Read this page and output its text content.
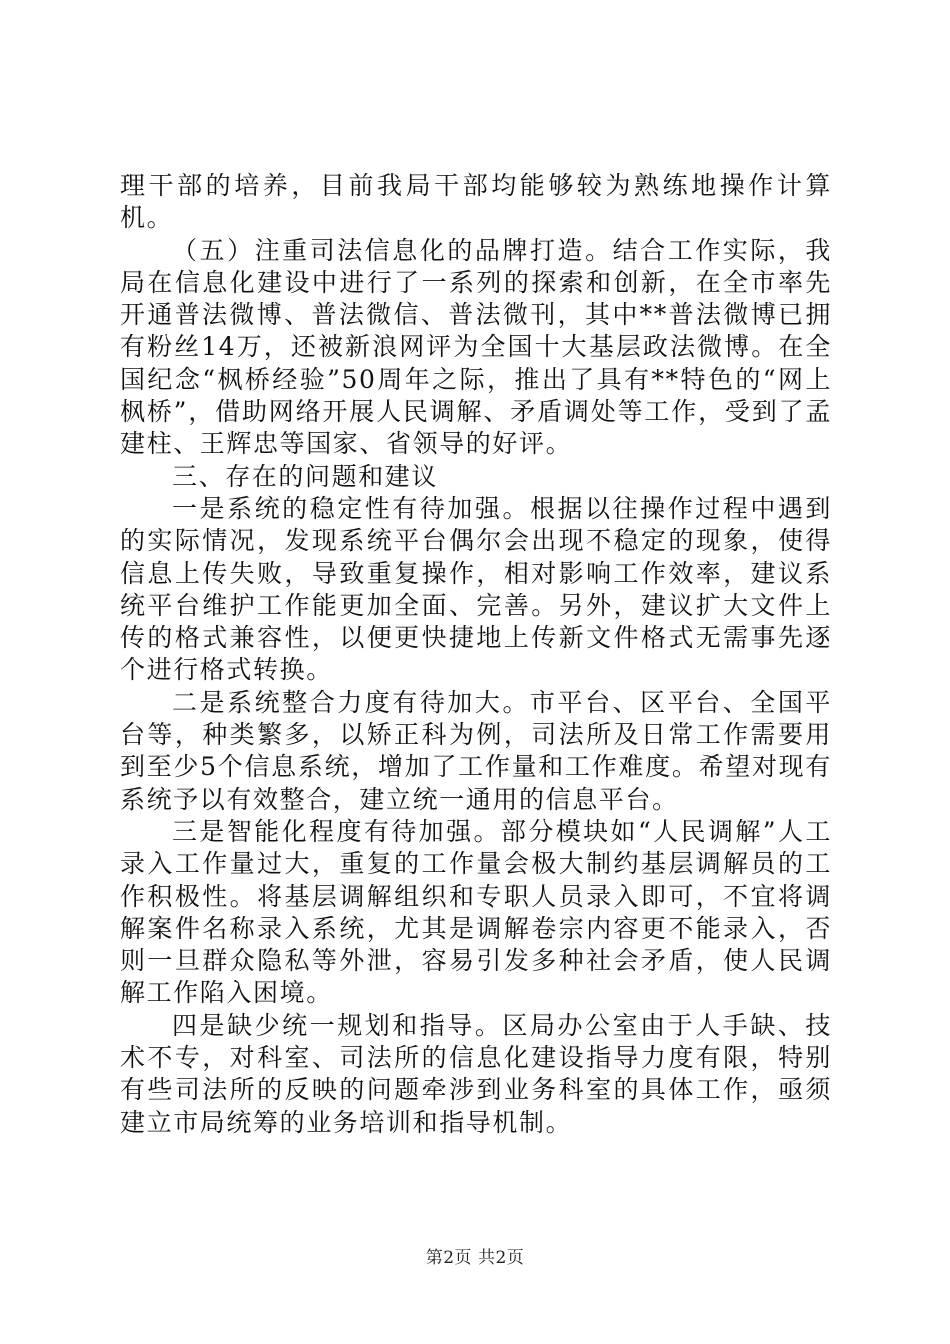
理干部的培养，目前我局干部均能够较为熟练地操作计算机。

（五）注重司法信息化的品牌打造。结合工作实际，我局在信息化建设中进行了一系列的探索和创新，在全市率先开通普法微博、普法微信、普法微刊，其中**普法微博已拥有粉丝14万，还被新浪网评为全国十大基层政法微博。在全国纪念“枫桥经验”50周年之际，推出了具有**特色的“网上枫桥”，借助网络开展人民调解、矛盾调处等工作，受到了孟建柱、王辉忠等国家、省领导的好评。

三、存在的问题和建议

一是系统的稳定性有待加强。根据以往操作过程中遇到的实际情况，发现系统平台偶尔会出现不稳定的现象，使得信息上传失败，导致重复操作，相对影响工作效率，建议系统平台维护工作能更加全面、完善。另外，建议扩大文件上传的格式兼容性，以便更快捷地上传新文件格式无需事先逐个进行格式转换。

二是系统整合力度有待加大。市平台、区平台、全国平台等，种类繁多，以矫正科为例，司法所及日常工作需要用到至少5个信息系统，增加了工作量和工作难度。希望对现有系统予以有效整合，建立统一通用的信息平台。

三是智能化程度有待加强。部分模块如“人民调解”人工录入工作量过大，重复的工作量会极大制约基层调解员的工作积极性。将基层调解组织和专职人员录入即可，不宜将调解案件名称录入系统，尤其是调解卷宗内容更不能录入，否则一旦群众隐私等外泄，容易引发多种社会矛盾，使人民调解工作陷入困境。

四是缺少统一规划和指导。区局办公室由于人手缺、技术不专，对科室、司法所的信息化建设指导力度有限，特别有些司法所的反映的问题牵涉到业务科室的具体工作，亟须建立市局统筹的业务培训和指导机制。

第2页 共2页
